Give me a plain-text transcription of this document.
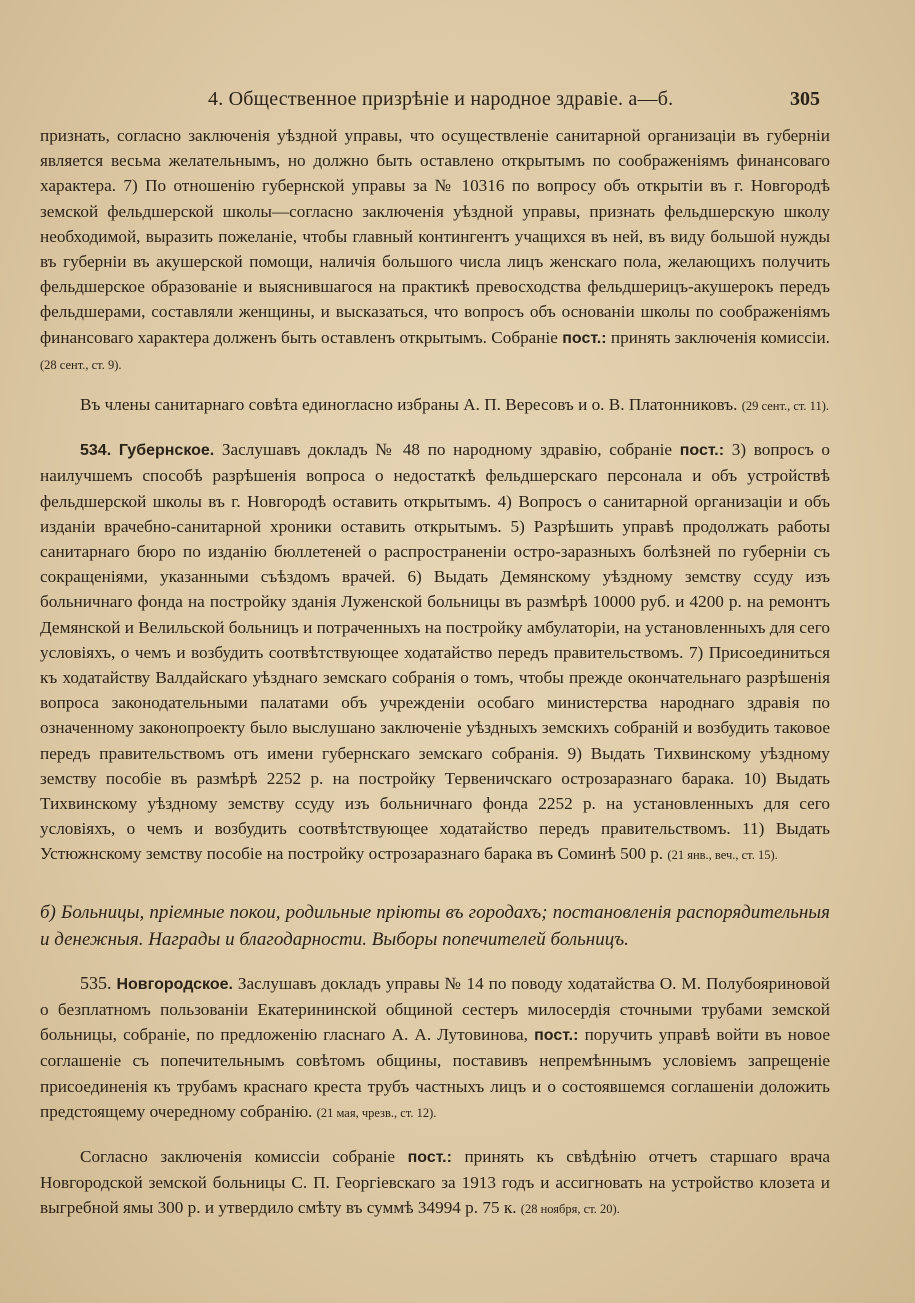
4. Общественное призрѣніе и народное здравіе. а—б.	305

признать, согласно заключенія уѣздной управы, что осуществленіе санитарной организаціи въ губерніи является весьма желательнымъ, но должно быть оставлено открытымъ по соображеніямъ финансоваго характера. 7) По отношенію губернской управы за № 10316 по вопросу объ открытіи въ г. Новгородѣ земской фельдшерской школы—согласно заключенія уѣздной управы, признать фельдшерскую школу необходимой, выразить пожеланіе, чтобы главный контингентъ учащихся въ ней, въ виду большой нужды въ губерніи въ акушерской помощи, наличія большого числа лицъ женскаго пола, желающихъ получить фельдшерское образованіе и выяснившагося на практикѣ превосходства фельдшерицъ-акушерокъ передъ фельдшерами, составляли женщины, и высказаться, что вопросъ объ основаніи школы по соображеніямъ финансоваго характера долженъ быть оставленъ открытымъ. Собраніе пост.: принять заключенія комиссіи. (28 сент., ст. 9).

Въ члены санитарнаго совѣта единогласно избраны А. П. Вересовъ и о. В. Платонниковъ. (29 сент., ст. 11).

534. Губернское. Заслушавъ докладъ № 48 по народному здравію, собраніе пост.: 3) вопросъ о наилучшемъ способѣ разрѣшенія вопроса о недостаткѣ фельдшерскаго персонала и объ устройствѣ фельдшерской школы въ г. Новгородѣ оставить открытымъ. 4) Вопросъ о санитарной организаціи и объ изданіи врачебно-санитарной хроники оставить открытымъ. 5) Разрѣшить управѣ продолжать работы санитарнаго бюро по изданію бюллетеней о распространеніи остро-заразныхъ болѣзней по губерніи съ сокращеніями, указанными съѣздомъ врачей. 6) Выдать Демянскому уѣздному земству ссуду изъ больничнаго фонда на постройку зданія Луженской больницы въ размѣрѣ 10000 руб. и 4200 р. на ремонтъ Демянской и Велильской больницъ и потраченныхъ на постройку амбулаторіи, на установленныхъ для сего условіяхъ, о чемъ и возбудить соотвѣтствующее ходатайство передъ правительствомъ. 7) Присоединиться къ ходатайству Валдайскаго уѣзднаго земскаго собранія о томъ, чтобы прежде окончательнаго разрѣшенія вопроса законодательными палатами объ учрежденіи особаго министерства народнаго здравія по означенному законопроекту было выслушано заключеніе уѣздныхъ земскихъ собраній и возбудить таковое передъ правительствомъ отъ имени губернскаго земскаго собранія. 9) Выдать Тихвинскому уѣздному земству пособіе въ размѣрѣ 2252 р. на постройку Тервеничскаго острозаразнаго барака. 10) Выдать Тихвинскому уѣздному земству ссуду изъ больничнаго фонда 2252 р. на установленныхъ для сего условіяхъ, о чемъ и возбудить соотвѣтствующее ходатайство передъ правительствомъ. 11) Выдать Устюжнскому земству пособіе на постройку острозаразнаго барака въ Соминѣ 500 р. (21 янв., веч., ст. 15).

б) Больницы, пріемные покои, родильные пріюты въ городахъ; постановленія распорядительныя и денежныя. Награды и благодарности. Выборы попечителей больницъ.

535. Новгородское. Заслушавъ докладъ управы № 14 по поводу ходатайства О. М. Полубояриновой о безплатномъ пользованіи Екатерининской общиной сестеръ милосердія сточными трубами земской больницы, собраніе, по предложенію гласнаго А. А. Лутовинова, пост.: поручить управѣ войти въ новое соглашеніе съ попечительнымъ совѣтомъ общины, поставивъ непремѣннымъ условіемъ запрещеніе присоединенія къ трубамъ краснаго креста трубъ частныхъ лицъ и о состоявшемся соглашеніи доложить предстоящему очередному собранію. (21 мая, чрезв., ст. 12).

Согласно заключенія комиссіи собраніе пост.: принять къ свѣдѣнію отчетъ старшаго врача Новгородской земской больницы С. П. Георгіевскаго за 1913 годъ и ассигновать на устройство клозета и выгребной ямы 300 р. и утвердило смѣту въ суммѣ 34994 р. 75 к. (28 ноября, ст. 20).
